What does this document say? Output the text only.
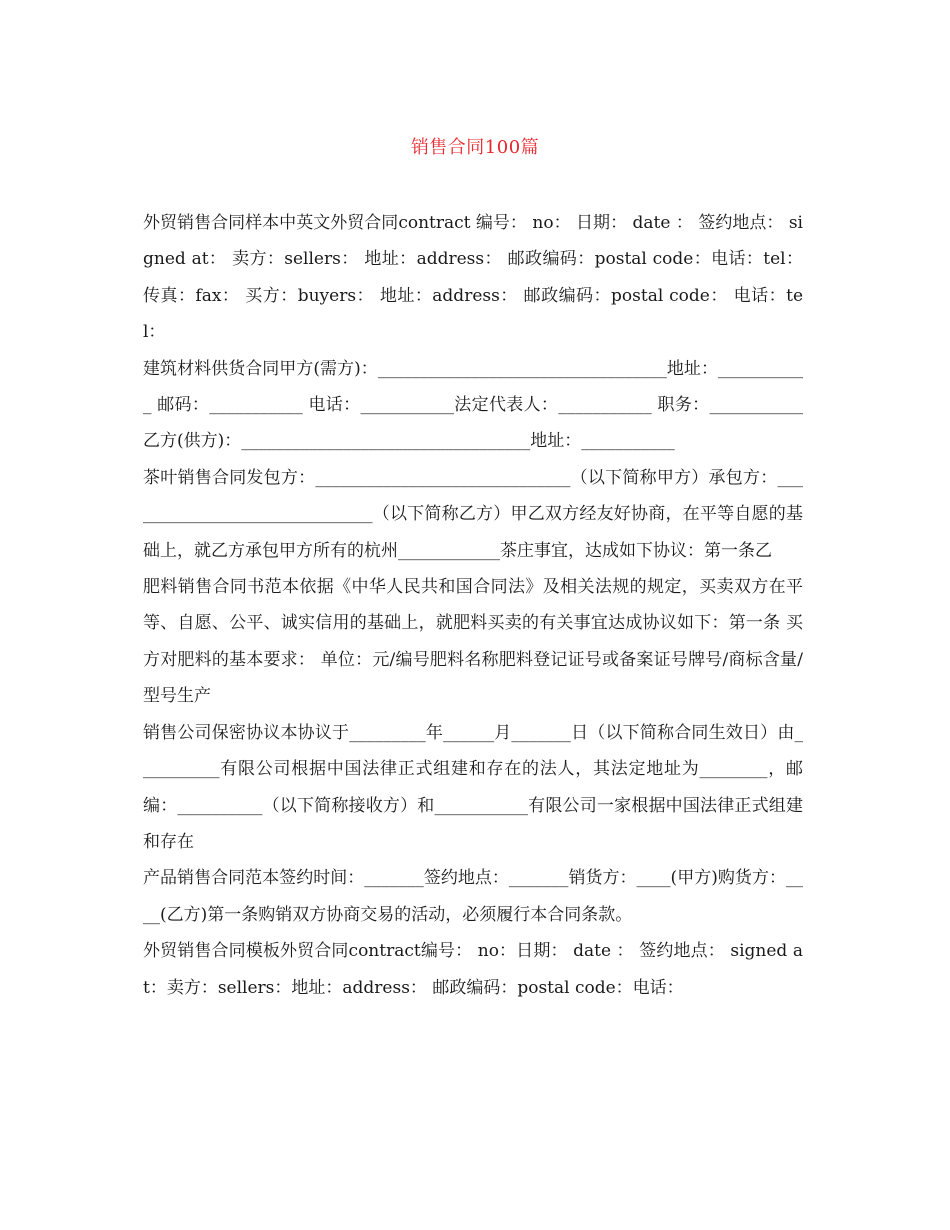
销售合同100篇

外贸销售合同样本中英文外贸合同contract 编号： no： 日期： date ： 签约地点： signed at： 卖方：sellers： 地址：address： 邮政编码：postal code：电话：tel： 传真：fax： 买方：buyers： 地址：address： 邮政编码：postal code： 电话：tel：

建筑材料供货合同甲方(需方)：__________________________________地址：___________ 邮码：___________ 电话：___________法定代表人：___________ 职务：___________乙方(供方)：__________________________________地址：___________

茶叶销售合同发包方：______________________________（以下简称甲方）承包方：______________________________（以下简称乙方）甲乙双方经友好协商，在平等自愿的基础上，就乙方承包甲方所有的杭州____________茶庄事宜，达成如下协议：第一条乙

肥料销售合同书范本依据《中华人民共和国合同法》及相关法规的规定，买卖双方在平等、自愿、公平、诚实信用的基础上，就肥料买卖的有关事宜达成协议如下：第一条 买方对肥料的基本要求： 单位：元/编号肥料名称肥料登记证号或备案证号牌号/商标含量/型号生产

销售公司保密协议本协议于_________年______月_______日（以下简称合同生效日）由__________有限公司根据中国法律正式组建和存在的法人，其法定地址为________，邮编：__________（以下简称接收方）和___________有限公司一家根据中国法律正式组建和存在

产品销售合同范本签约时间：_______签约地点：_______销货方：____(甲方)购货方：____(乙方)第一条购销双方协商交易的活动，必须履行本合同条款。

外贸销售合同模板外贸合同contract编号： no：日期： date ： 签约地点： signed at：卖方：sellers：地址：address： 邮政编码：postal code：电话：
